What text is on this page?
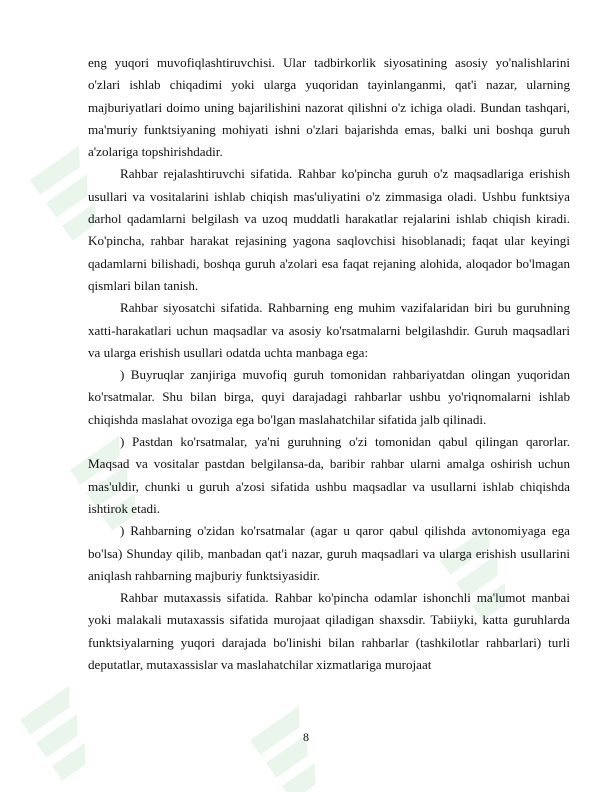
eng yuqori muvofiqlashtiruvchisi. Ular tadbirkorlik siyosatining asosiy yo'nalishlarini o'zlari ishlab chiqadimi yoki ularga yuqoridan tayinlanganmi, qat'i nazar, ularning majburiyatlari doimo uning bajarilishini nazorat qilishni o'z ichiga oladi. Bundan tashqari, ma'muriy funktsiyaning mohiyati ishni o'zlari bajarishda emas, balki uni boshqa guruh a'zolariga topshirishdadir.

Rahbar rejalashtiruvchi sifatida. Rahbar ko'pincha guruh o'z maqsadlariga erishish usullari va vositalarini ishlab chiqish mas'uliyatini o'z zimmasiga oladi. Ushbu funktsiya darhol qadamlarni belgilash va uzoq muddatli harakatlar rejalarini ishlab chiqish kiradi. Ko'pincha, rahbar harakat rejasining yagona saqlovchisi hisoblanadi; faqat ular keyingi qadamlarni bilishadi, boshqa guruh a'zolari esa faqat rejaning alohida, aloqador bo'lmagan qismlari bilan tanish.

Rahbar siyosatchi sifatida. Rahbarning eng muhim vazifalaridan biri bu guruhning xatti-harakatlari uchun maqsadlar va asosiy ko'rsatmalarni belgilashdir. Guruh maqsadlari va ularga erishish usullari odatda uchta manbaga ega:

) Buyruqlar zanjiriga muvofiq guruh tomonidan rahbariyatdan olingan yuqoridan ko'rsatmalar. Shu bilan birga, quyi darajadagi rahbarlar ushbu yo'riqnomalarni ishlab chiqishda maslahat ovoziga ega bo'lgan maslahatchilar sifatida jalb qilinadi.

) Pastdan ko'rsatmalar, ya'ni guruhning o'zi tomonidan qabul qilingan qarorlar. Maqsad va vositalar pastdan belgilansa-da, baribir rahbar ularni amalga oshirish uchun mas'uldir, chunki u guruh a'zosi sifatida ushbu maqsadlar va usullarni ishlab chiqishda ishtirok etadi.

) Rahbarning o'zidan ko'rsatmalar (agar u qaror qabul qilishda avtonomiyaga ega bo'lsa) Shunday qilib, manbadan qat'i nazar, guruh maqsadlari va ularga erishish usullarini aniqlash rahbarning majburiy funktsiyasidir.

Rahbar mutaxassis sifatida. Rahbar ko'pincha odamlar ishonchli ma'lumot manbai yoki malakali mutaxassis sifatida murojaat qiladigan shaxsdir. Tabiiyki, katta guruhlarda funktsiyalarning yuqori darajada bo'linishi bilan rahbarlar (tashkilotlar rahbarlari) turli deputatlar, mutaxassislar va maslahatchilar xizmatlariga murojaat

8
